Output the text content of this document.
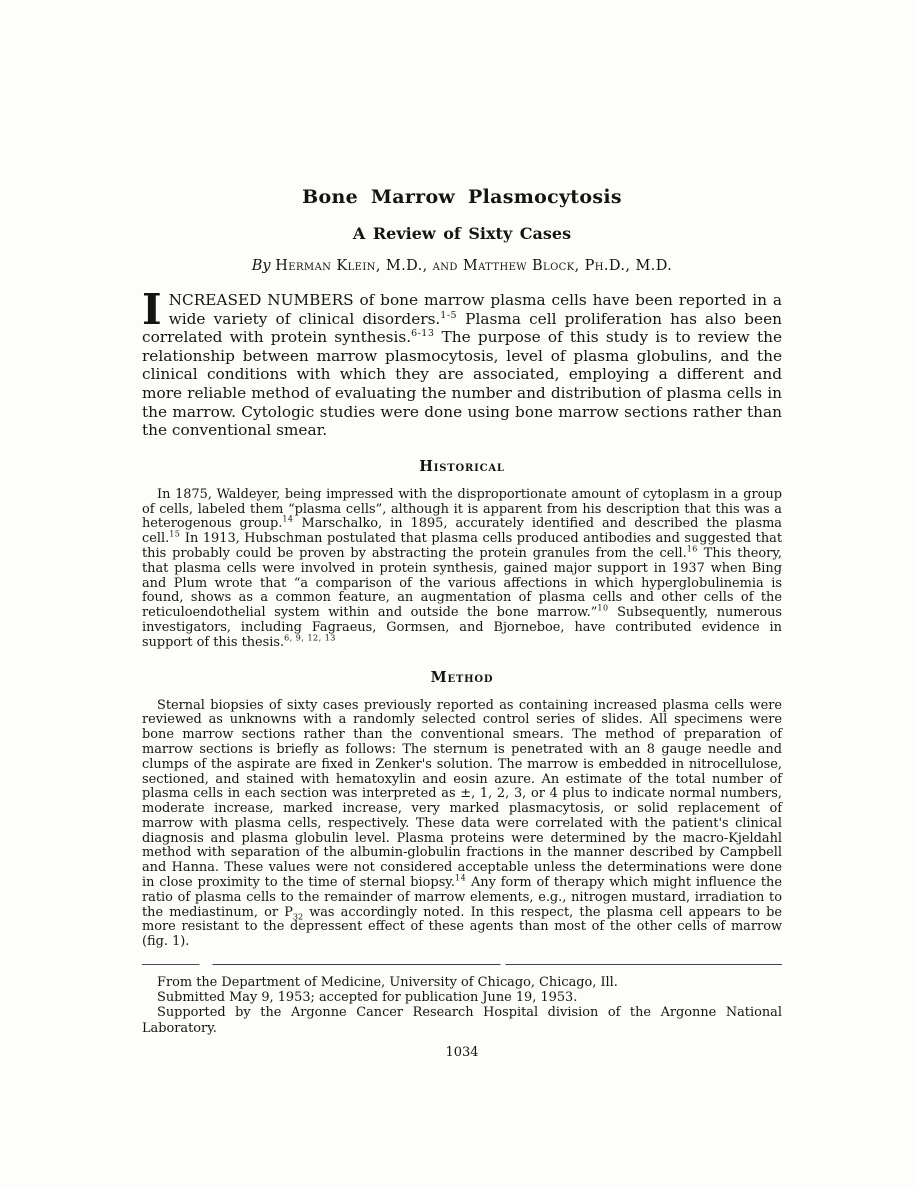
Bone Marrow Plasmocytosis
A Review of Sixty Cases
By Herman Klein, M.D., and Matthew Block, Ph.D., M.D.

INCREASED NUMBERS of bone marrow plasma cells have been reported in a wide variety of clinical disorders.$^{1-5}$ Plasma cell proliferation has also been correlated with protein synthesis.$^{6-13}$ The purpose of this study is to review the relationship between marrow plasmocytosis, level of plasma globulins, and the clinical conditions with which they are associated, employing a different and more reliable method of evaluating the number and distribution of plasma cells in the marrow. Cytologic studies were done using bone marrow sections rather than the conventional smear.

Historical

In 1875, Waldeyer, being impressed with the disproportionate amount of cytoplasm in a group of cells, labeled them “plasma cells”, although it is apparent from his description that this was a heterogenous group.$^{14}$ Marschalko, in 1895, accurately identified and described the plasma cell.$^{15}$ In 1913, Hubschman postulated that plasma cells produced antibodies and suggested that this probably could be proven by abstracting the protein granules from the cell.$^{16}$ This theory, that plasma cells were involved in protein synthesis, gained major support in 1937 when Bing and Plum wrote that “a comparison of the various affections in which hyperglobulinemia is found, shows as a common feature, an augmentation of plasma cells and other cells of the reticuloendothelial system within and outside the bone marrow.”$^{10}$ Subsequently, numerous investigators, including Fagraeus, Gormsen, and Bjorneboe, have contributed evidence in support of this thesis.$^{6, 9, 12, 13}$

Method

Sternal biopsies of sixty cases previously reported as containing increased plasma cells were reviewed as unknowns with a randomly selected control series of slides. All specimens were bone marrow sections rather than the conventional smears. The method of preparation of marrow sections is briefly as follows: The sternum is penetrated with an 8 gauge needle and clumps of the aspirate are fixed in Zenker's solution. The marrow is embedded in nitrocellulose, sectioned, and stained with hematoxylin and eosin azure. An estimate of the total number of plasma cells in each section was interpreted as ±, 1, 2, 3, or 4 plus to indicate normal numbers, moderate increase, marked increase, very marked plasmacytosis, or solid replacement of marrow with plasma cells, respectively. These data were correlated with the patient's clinical diagnosis and plasma globulin level. Plasma proteins were determined by the macro-Kjeldahl method with separation of the albumin-globulin fractions in the manner described by Campbell and Hanna. These values were not considered acceptable unless the determinations were done in close proximity to the time of sternal biopsy.$^{14}$ Any form of therapy which might influence the ratio of plasma cells to the remainder of marrow elements, e.g., nitrogen mustard, irradiation to the mediastinum, or $P_{32}$ was accordingly noted. In this respect, the plasma cell appears to be more resistant to the depressent effect of these agents than most of the other cells of marrow (fig. 1).

From the Department of Medicine, University of Chicago, Chicago, Ill.

Submitted May 9, 1953; accepted for publication June 19, 1953.

Supported by the Argonne Cancer Research Hospital division of the Argonne National Laboratory.

1034
